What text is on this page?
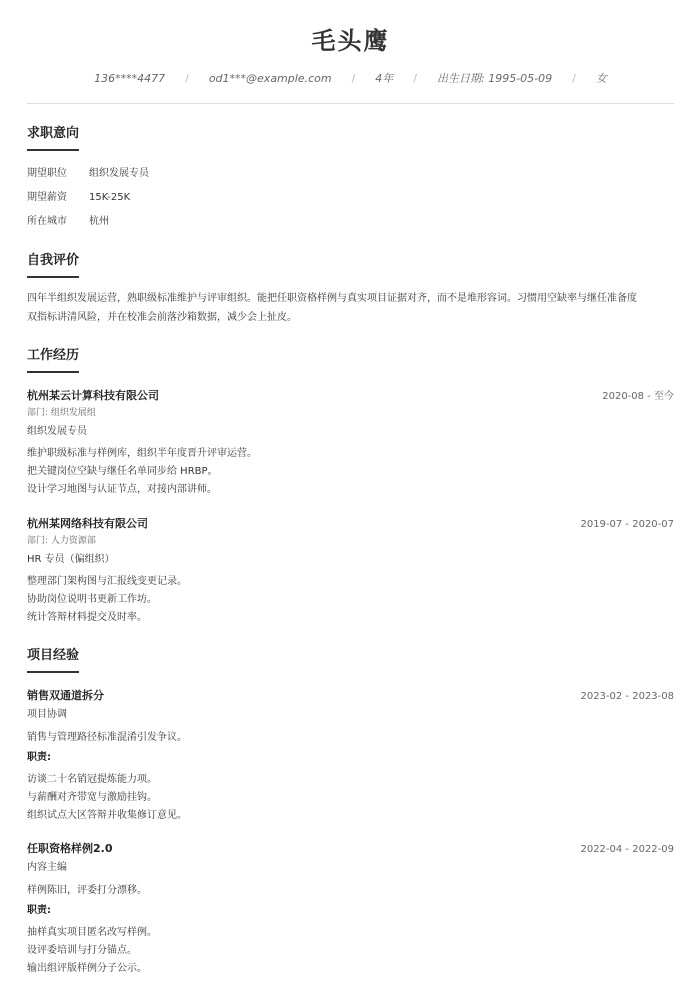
毛头鹰
136****4477 / od1***@example.com / 4年 / 出生日期: 1995-05-09 / 女
求职意向
期望职位	组织发展专员
期望薪资	15K-25K
所在城市	杭州
自我评价
四年半组织发展运营，熟职级标准维护与评审组织。能把任职资格样例与真实项目证据对齐，而不是堆形容词。习惯用空缺率与继任准备度
双指标讲清风险，并在校准会前落沙箱数据，减少会上扯皮。
工作经历
杭州某云计算科技有限公司	2020-08 - 至今
部门: 组织发展组
组织发展专员
维护职级标准与样例库，组织半年度晋升评审运营。
把关键岗位空缺与继任名单同步给 HRBP。
设计学习地图与认证节点，对接内部讲师。
杭州某网络科技有限公司	2019-07 - 2020-07
部门: 人力资源部
HR 专员（偏组织）
整理部门架构图与汇报线变更记录。
协助岗位说明书更新工作坊。
统计答辩材料提交及时率。
项目经验
销售双通道拆分	2023-02 - 2023-08
项目协调
销售与管理路径标准混淆引发争议。
职责:
访谈二十名销冠提炼能力项。
与薪酬对齐带宽与激励挂钩。
组织试点大区答辩并收集修订意见。
任职资格样例2.0	2022-04 - 2022-09
内容主编
样例陈旧，评委打分漂移。
职责:
抽样真实项目匿名改写样例。
设评委培训与打分锚点。
输出组评版样例分子公示。
